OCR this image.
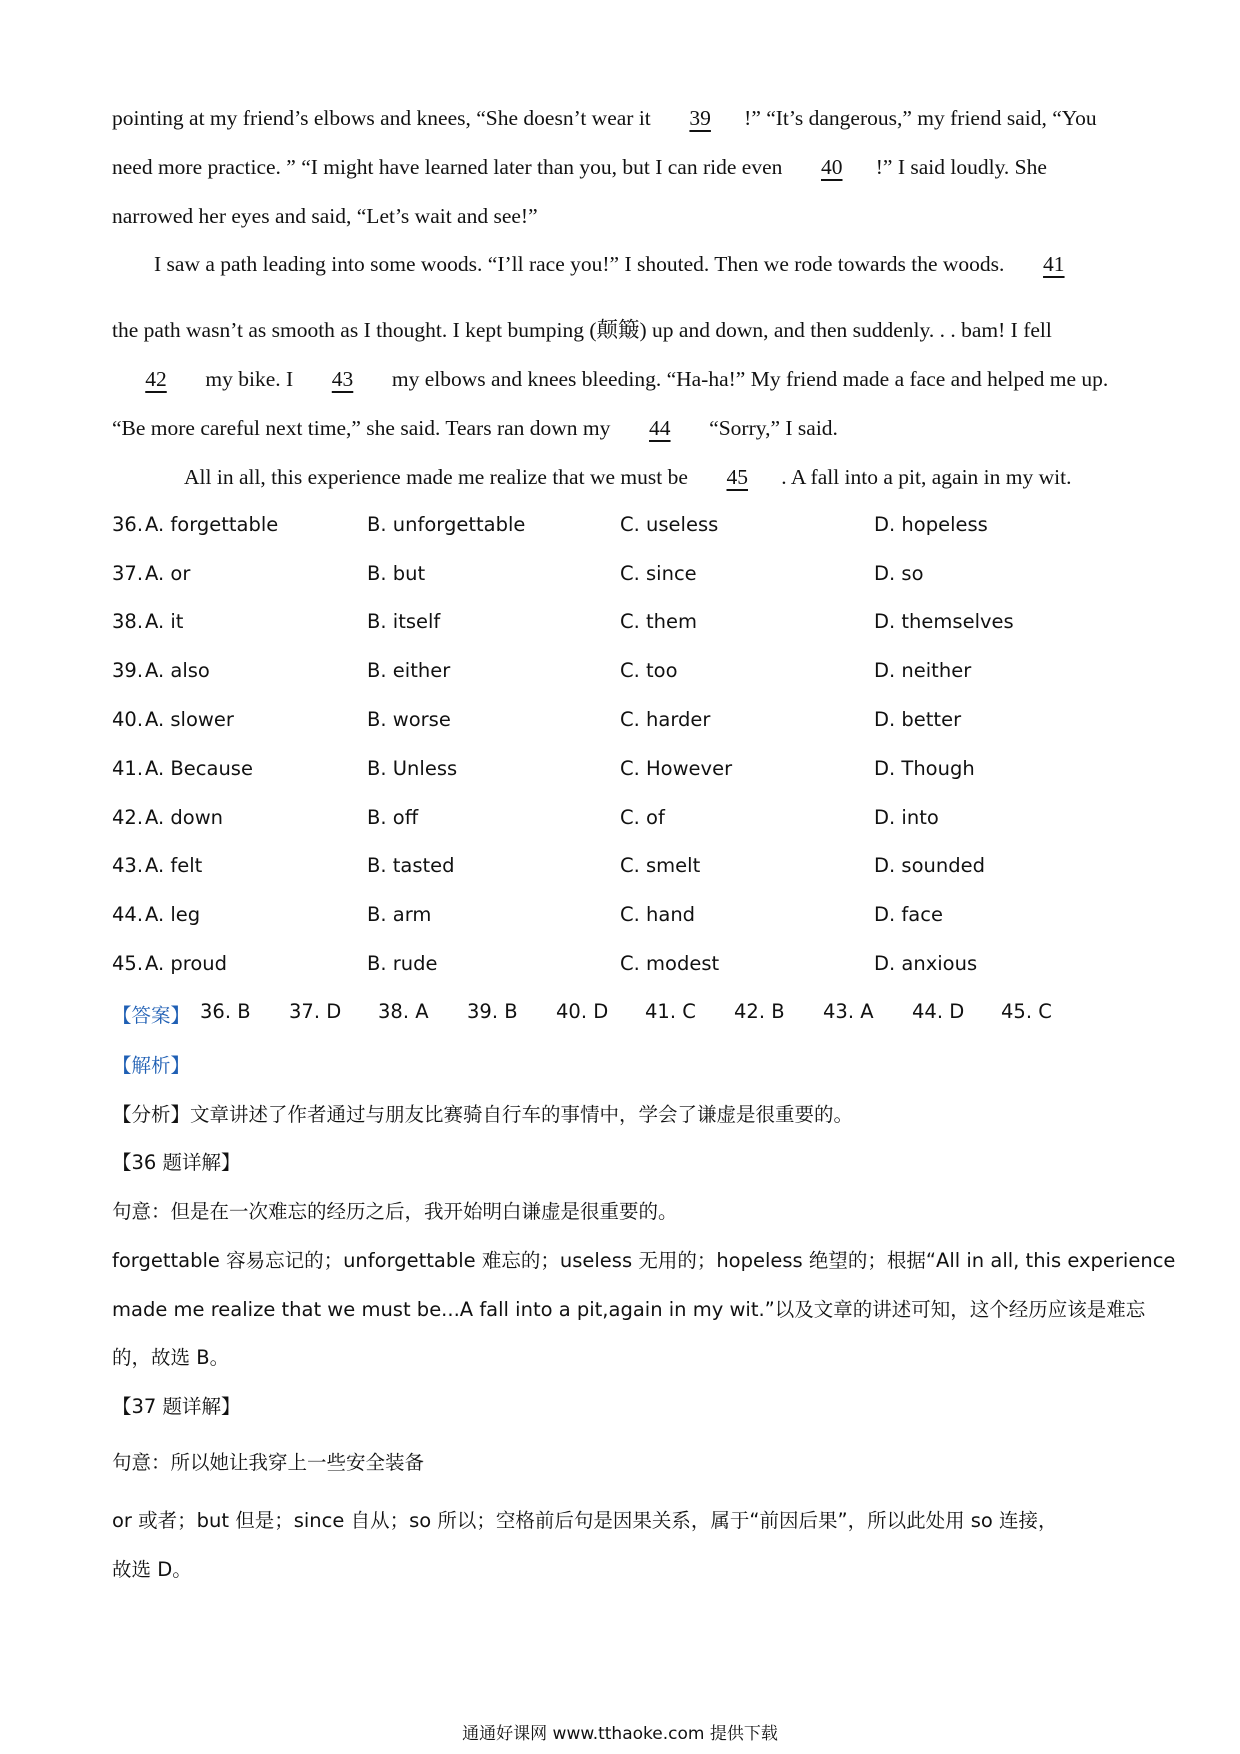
pointing at my friend’s elbows and knees, “She doesn’t wear it 39 !” “It’s dangerous,” my friend said, “You

need more practice. ” “I might have learned later than you, but I can ride even 40 !” I said loudly. She

narrowed her eyes and said, “Let’s wait and see!”

I saw a path leading into some woods. “I’ll race you!” I shouted. Then we rode towards the woods. 41

the path wasn’t as smooth as I thought. I kept bumping (颠簸) up and down, and then suddenly. . . bam! I fell

42 my bike. I 43 my elbows and knees bleeding. “Ha-ha!” My friend made a face and helped me up.

“Be more careful next time,” she said. Tears ran down my 44 “Sorry,” I said.

All in all, this experience made me realize that we must be 45 . A fall into a pit, again in my wit.

36. A. forgettable	B. unforgettable	C. useless	D. hopeless
37. A. or	B. but	C. since	D. so
38. A. it	B. itself	C. them	D. themselves
39. A. also	B. either	C. too	D. neither
40. A. slower	B. worse	C. harder	D. better
41. A. Because	B. Unless	C. However	D. Though
42. A. down	B. off	C. of	D. into
43. A. felt	B. tasted	C. smelt	D. sounded
44. A. leg	B. arm	C. hand	D. face
45. A. proud	B. rude	C. modest	D. anxious
【答案】 36. B 37. D 38. A 39. B 40. D 41. C 42. B 43. A 44. D 45. C

【解析】

【分析】文章讲述了作者通过与朋友比赛骑自行车的事情中，学会了谦虚是很重要的。

【36 题详解】

句意：但是在一次难忘的经历之后，我开始明白谦虚是很重要的。

forgettable 容易忘记的；unforgettable 难忘的；useless 无用的；hopeless 绝望的；根据“All in all, this experience

made me realize that we must be...A fall into a pit,again in my wit.”以及文章的讲述可知，这个经历应该是难忘

的，故选 B。

【37 题详解】

句意：所以她让我穿上一些安全装备

or 或者；but 但是；since 自从；so 所以；空格前后句是因果关系，属于“前因后果”，所以此处用 so 连接，

故选 D。

通通好课网 www.tthaoke.com 提供下载
